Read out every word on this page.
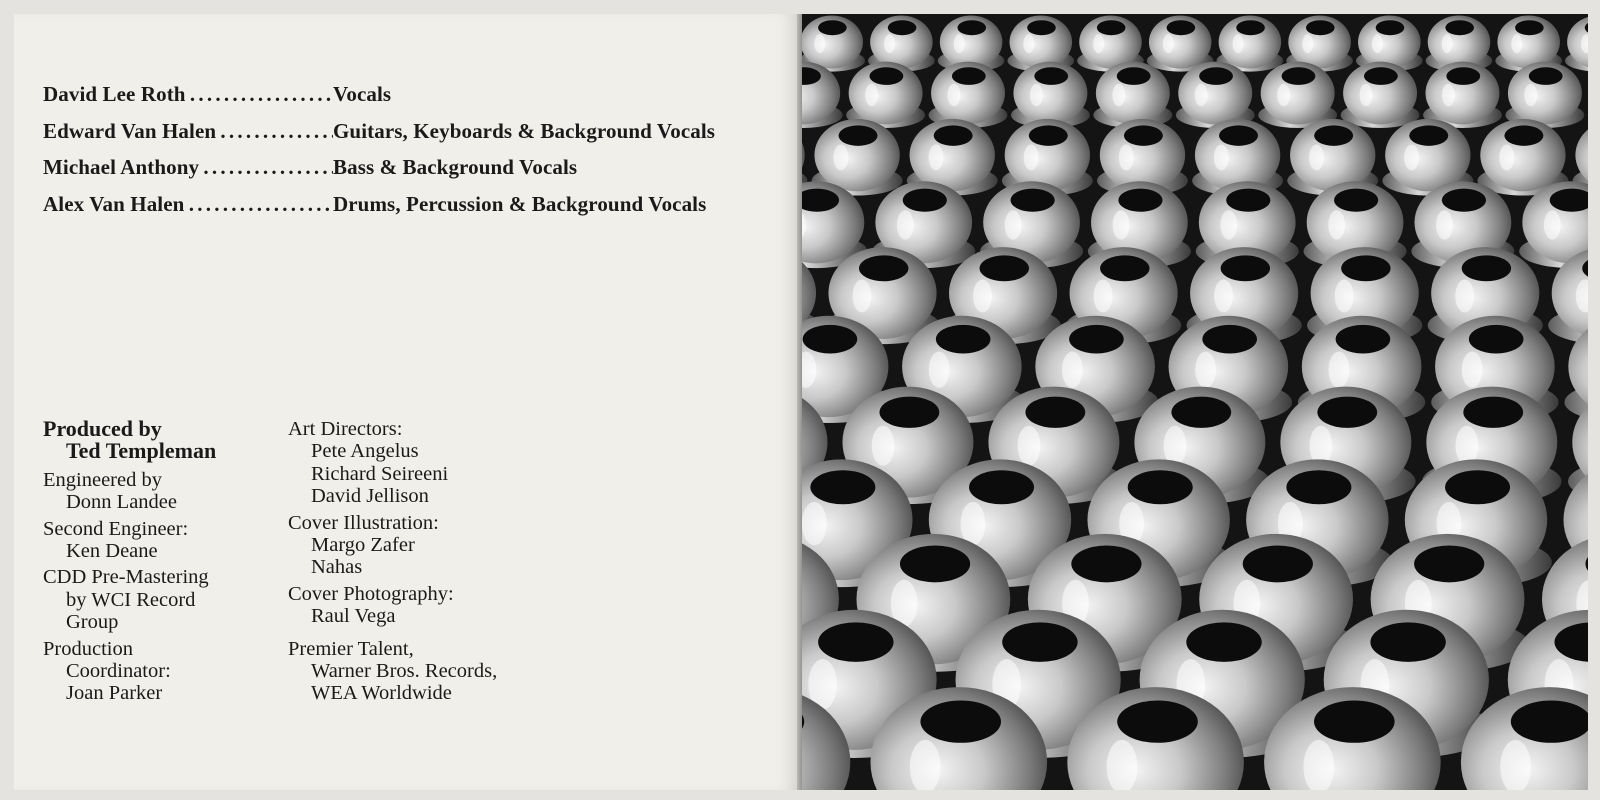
David Lee Roth . . .	Vocals
Edward Van Halen . . .	Guitars, Keyboards & Background Vocals
Michael Anthony . . .	Bass & Background Vocals
Alex Van Halen . . .	Drums, Percussion & Background Vocals
Produced by
Ted Templeman
Engineered by
Donn Landee
Second Engineer:
Ken Deane
CDD Pre-Mastering
by WCI Record
Group
Production
Coordinator:
Joan Parker
Art Directors:
Pete Angelus
Richard Seireeni
David Jellison
Cover Illustration:
Margo Zafer
Nahas
Cover Photography:
Raul Vega
Premier Talent,
Warner Bros. Records,
WEA Worldwide
